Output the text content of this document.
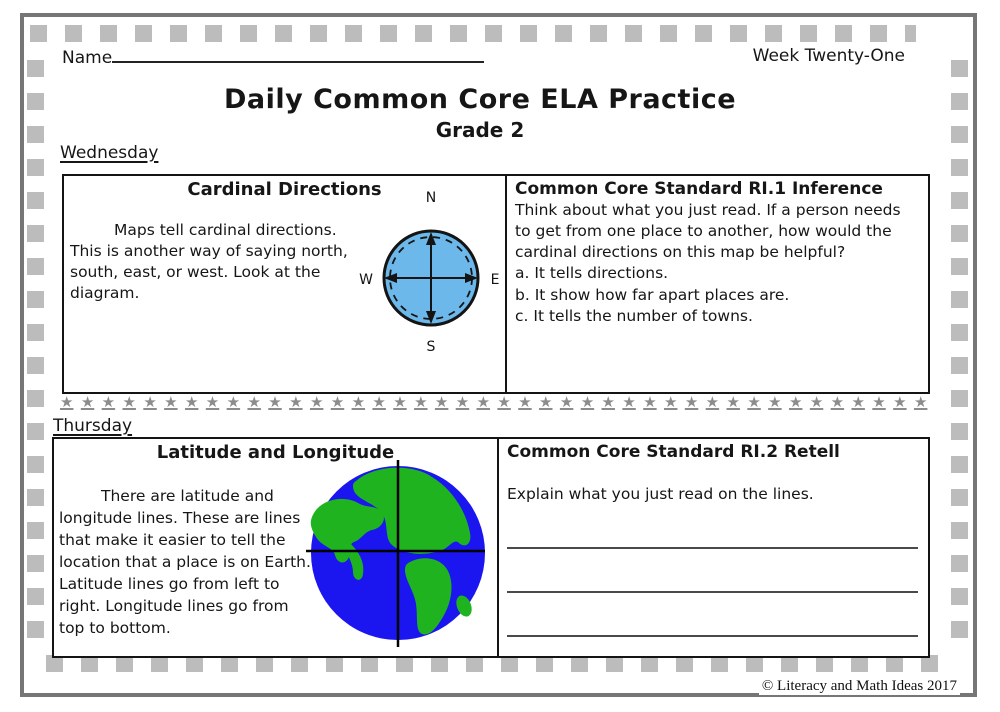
© Literacy and Math Ideas 2017
Name	Week Twenty-One
Daily Common Core ELA Practice
Grade 2
Wednesday
Cardinal Directions
Maps tell cardinal directions. This is another way of saying north, south, east, or west. Look at the diagram.
N
W	E
S
Common Core Standard RI.1 Inference
Think about what you just read. If a person needs to get from one place to another, how would the cardinal directions on this map be helpful?
a. It tells directions.
b. It show how far apart places are.
c. It tells the number of towns.
★ ★ ★ ★ ★ ★ ★ ★ ★ ★ ★ ★ ★ ★ ★ ★ ★ ★ ★ ★ ★ ★ ★ ★ ★ ★ ★ ★ ★ ★ ★ ★ ★ ★ ★ ★ ★ ★ ★ ★ ★ ★
Thursday
Latitude and Longitude
There are latitude and longitude lines. These are lines that make it easier to tell the location that a place is on Earth. Latitude lines go from left to right. Longitude lines go from top to bottom.
Common Core Standard RI.2 Retell
Explain what you just read on the lines.
